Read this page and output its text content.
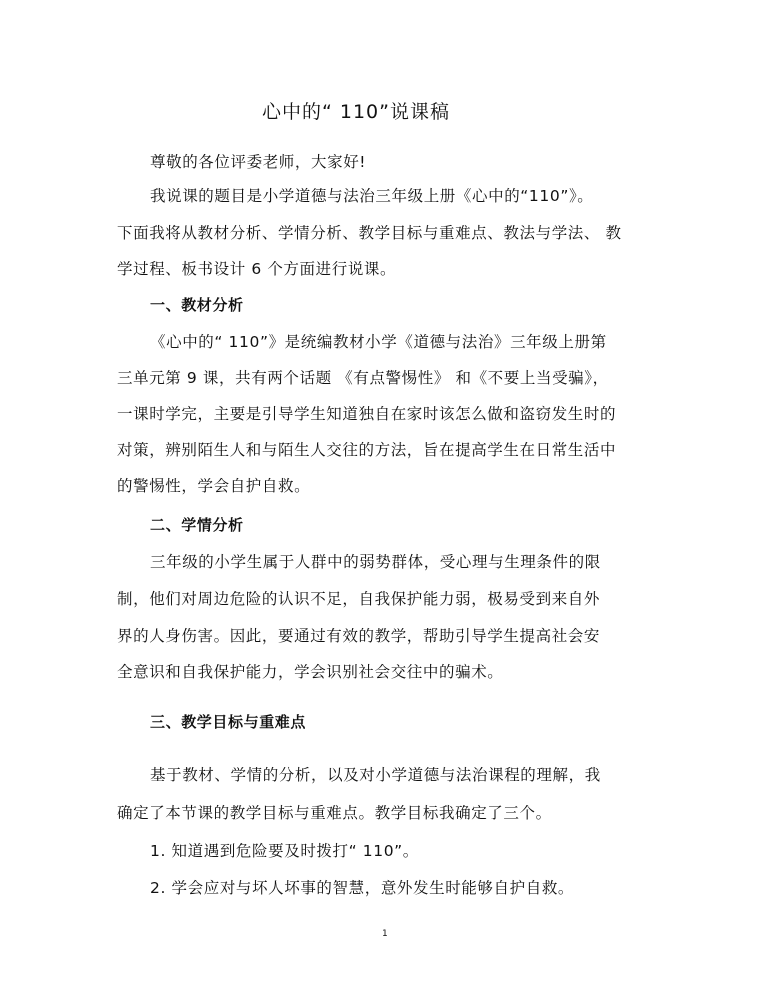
心中的“ 110”说课稿
尊敬的各位评委老师，大家好!
我说课的题目是小学道德与法治三年级上册《心中的“110”》。
下面我将从教材分析、学情分析、教学目标与重难点、教法与学法、 教
学过程、板书设计 6 个方面进行说课。
一、教材分析
《心中的“ 110”》是统编教材小学《道德与法治》三年级上册第
三单元第 9 课，共有两个话题 《有点警惕性》 和《不要上当受骗》，
一课时学完，主要是引导学生知道独自在家时该怎么做和盗窃发生时的
对策，辨别陌生人和与陌生人交往的方法，旨在提高学生在日常生活中
的警惕性，学会自护自救。
二、学情分析
三年级的小学生属于人群中的弱势群体，受心理与生理条件的限
制，他们对周边危险的认识不足，自我保护能力弱，极易受到来自外
界的人身伤害。因此，要通过有效的教学，帮助引导学生提高社会安
全意识和自我保护能力，学会识别社会交往中的骗术。
三、教学目标与重难点
基于教材、学情的分析，以及对小学道德与法治课程的理解，我
确定了本节课的教学目标与重难点。教学目标我确定了三个。
1. 知道遇到危险要及时拨打“ 110”。
2. 学会应对与坏人坏事的智慧，意外发生时能够自护自救。
1
